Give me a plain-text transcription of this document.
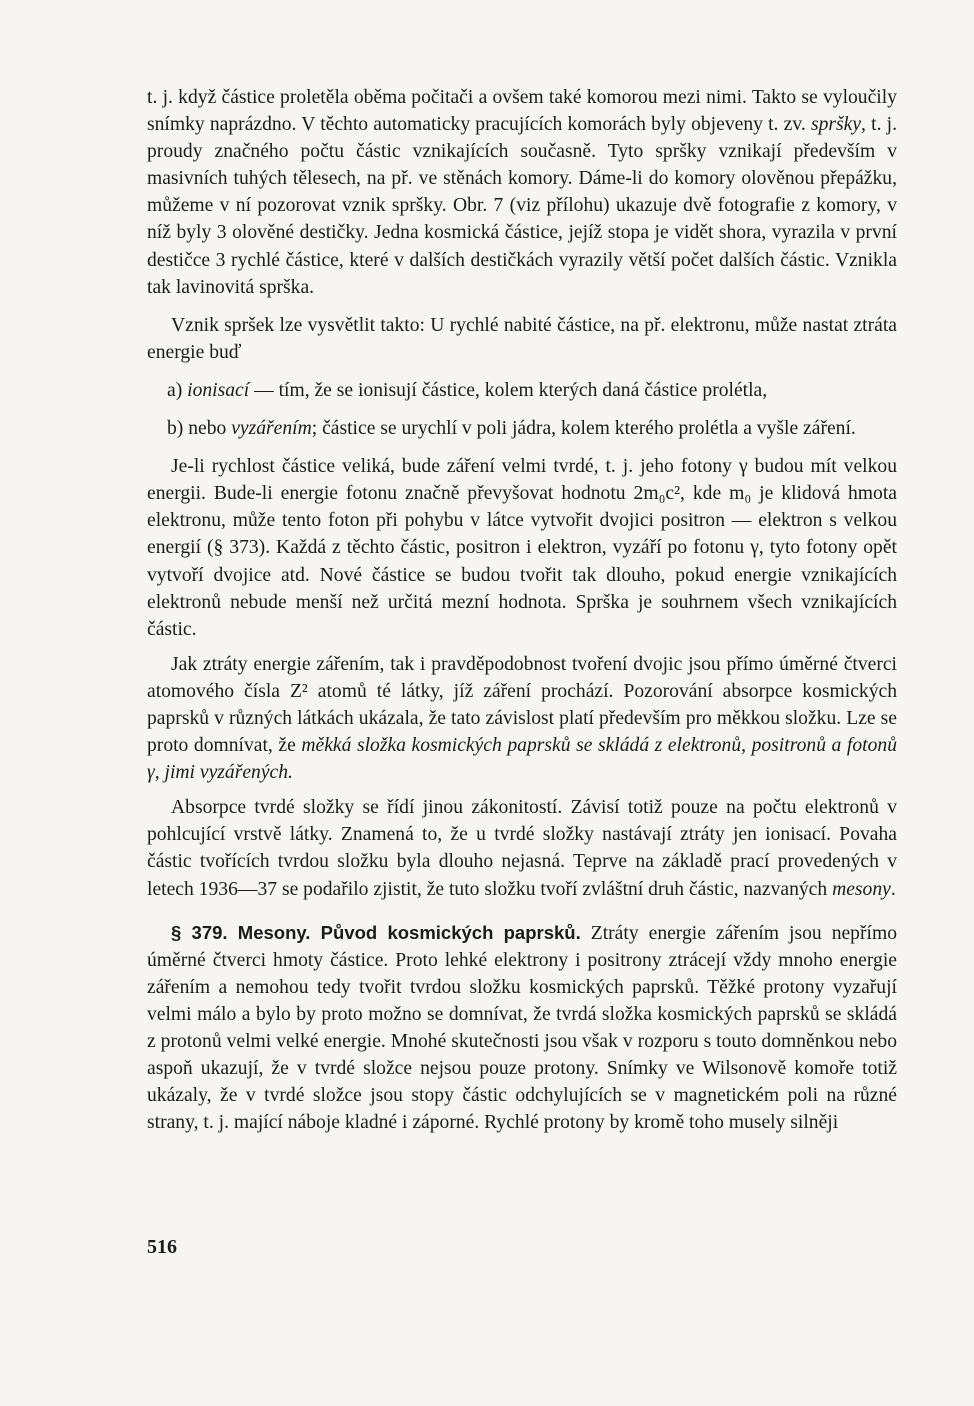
t. j. když částice proletěla oběma počitači a ovšem také komorou mezi nimi. Takto se vyloučily snímky naprázdno. V těchto automaticky pracujících komorách byly objeveny t. zv. spršky, t. j. proudy značného počtu částic vznikajících současně. Tyto spršky vznikají především v masivních tuhých tělesech, na př. ve stěnách komory. Dáme-li do komory olověnou přepážku, můžeme v ní pozorovat vznik spršky. Obr. 7 (viz přílohu) ukazuje dvě fotografie z komory, v níž byly 3 olověné destičky. Jedna kosmická částice, jejíž stopa je vidět shora, vyrazila v první destičce 3 rychlé částice, které v dalších destičkách vyrazily větší počet dalších částic. Vznikla tak lavinovitá sprška.

Vznik spršek lze vysvětlit takto: U rychlé nabité částice, na př. elektronu, může nastat ztráta energie buď

a) ionisací — tím, že se ionisují částice, kolem kterých daná částice prolétla,

b) nebo vyzářením; částice se urychlí v poli jádra, kolem kterého prolétla a vyšle záření.

Je-li rychlost částice veliká, bude záření velmi tvrdé, t. j. jeho fotony γ budou mít velkou energii. Bude-li energie fotonu značně převyšovat hodnotu 2m₀c², kde m₀ je klidová hmota elektronu, může tento foton při pohybu v látce vytvořit dvojici positron — elektron s velkou energií (§ 373). Každá z těchto částic, positron i elektron, vyzáří po fotonu γ, tyto fotony opět vytvoří dvojice atd. Nové částice se budou tvořit tak dlouho, pokud energie vznikajících elektronů nebude menší než určitá mezní hodnota. Sprška je souhrnem všech vznikajících částic.

Jak ztráty energie zářením, tak i pravděpodobnost tvoření dvojic jsou přímo úměrné čtverci atomového čísla Z² atomů té látky, jíž záření prochází. Pozorování absorpce kosmických paprsků v různých látkách ukázala, že tato závislost platí především pro měkkou složku. Lze se proto domnívat, že měkká složka kosmických paprsků se skládá z elektronů, positronů a fotonů γ, jimi vyzářených.

Absorpce tvrdé složky se řídí jinou zákonitostí. Závisí totiž pouze na počtu elektronů v pohlcující vrstvě látky. Znamená to, že u tvrdé složky nastávají ztráty jen ionisací. Povaha částic tvořících tvrdou složku byla dlouho nejasná. Teprve na základě prací provedených v letech 1936—37 se podařilo zjistit, že tuto složku tvoří zvláštní druh částic, nazvaných mesony.

§ 379. Mesony. Původ kosmických paprsků. Ztráty energie zářením jsou nepřímo úměrné čtverci hmoty částice. Proto lehké elektrony i positrony ztrácejí vždy mnoho energie zářením a nemohou tedy tvořit tvrdou složku kosmických paprsků. Těžké protony vyzařují velmi málo a bylo by proto možno se domnívat, že tvrdá složka kosmických paprsků se skládá z protonů velmi velké energie. Mnohé skutečnosti jsou však v rozporu s touto domněnkou nebo aspoň ukazují, že v tvrdé složce nejsou pouze protony. Snímky ve Wilsonově komoře totiž ukázaly, že v tvrdé složce jsou stopy částic odchylujících se v magnetickém poli na různé strany, t. j. mající náboje kladné i záporné. Rychlé protony by kromě toho musely silněji

516
